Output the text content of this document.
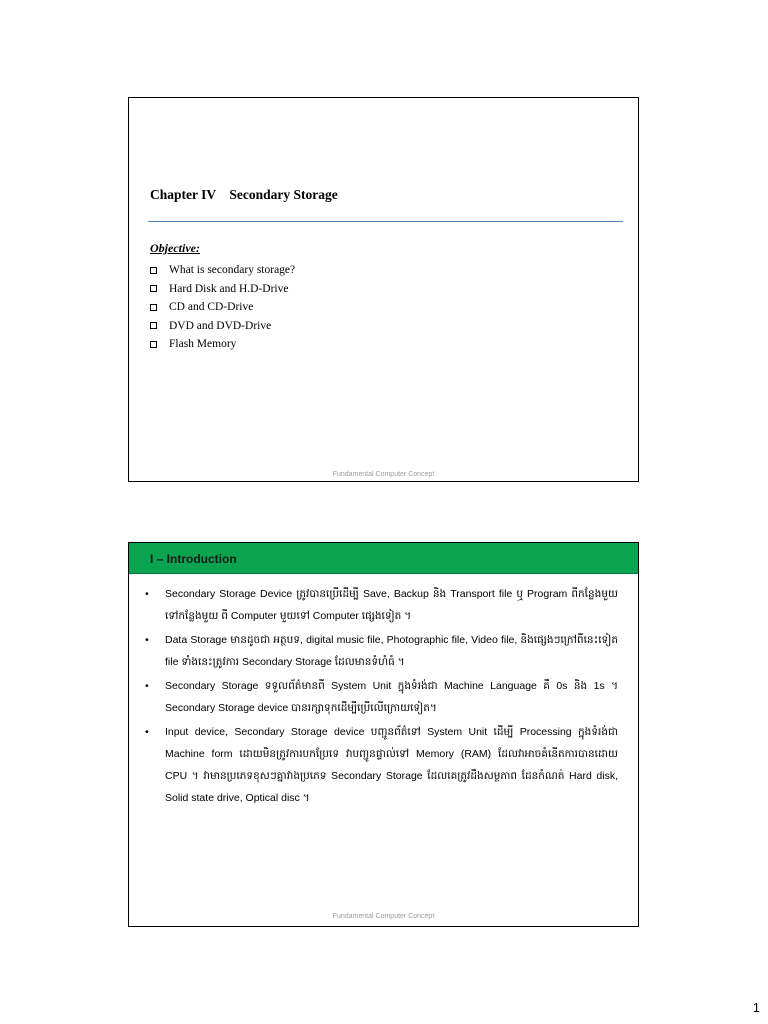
Chapter IV    Secondary Storage
Objective:
What is secondary storage?
Hard Disk and H.D-Drive
CD and CD-Drive
DVD and DVD-Drive
Flash Memory
Fundamental Computer Concept
I – Introduction
• Secondary Storage Device ត្រូវបានប្រើដើម្បី Save, Backup និង Transport file ឬ Program ពីកន្លែងមួយទៅកន្លែងមួយ ពី Computer មួយទៅ Computer ផ្សេងទៀត ។
• Data Storage មានដូចជា អត្ថបទ, digital music file, Photographic file, Video file, និងផ្សេងៗក្រៅពីនេះទៀត file ទាំងនេះត្រូវការ Secondary Storage ដែលមានទំហំធំ ។
• Secondary Storage ទទួលព័ត៌មានពី System Unit ក្នុងទំរង់ជា Machine Language គឺ 0s និង 1s ។ Secondary Storage device បានរក្សាទុកដើម្បីប្រើលើក្រោយទៀត។
• Input device, Secondary Storage device បញ្ជូនព័ត៌ទៅ System Unit ដើម្បី Processing ក្នុងទំរង់ជា Machine form ដោយមិនត្រូវការបកប្រែទេ វាបញ្ជូនផ្ទាល់ទៅ Memory (RAM) ដែលវាអាចគំនើតការបានដោយ CPU ។ វាមានប្រភេទខុសៗគ្នាវាងប្រភេទ Secondary Storage ដែលគេត្រូវដឹងសម្ថភាព ដែនកំណត់ Hard disk, Solid state drive, Optical disc ។
Fundamental Computer Concept
1
